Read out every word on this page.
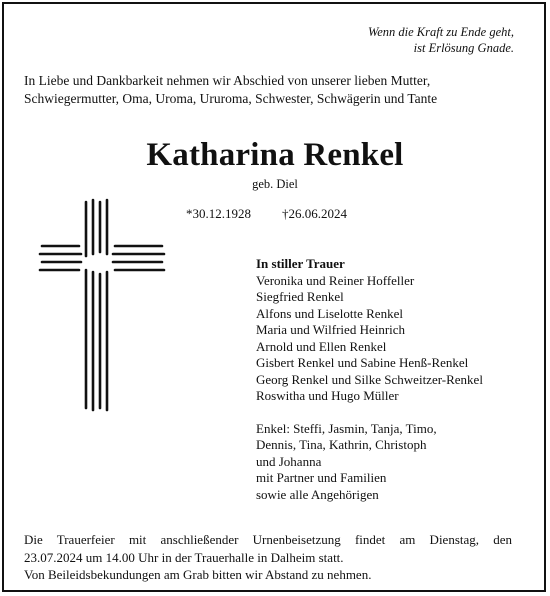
Wenn die Kraft zu Ende geht,
ist Erlösung Gnade.
In Liebe und Dankbarkeit nehmen wir Abschied von unserer lieben Mutter,
Schwiegermutter, Oma, Uroma, Ururoma, Schwester, Schwägerin und Tante
Katharina Renkel
geb. Diel
*30.12.1928 †26.06.2024
In stiller Trauer
Veronika und Reiner Hoffeller
Siegfried Renkel
Alfons und Liselotte Renkel
Maria und Wilfried Heinrich
Arnold und Ellen Renkel
Gisbert Renkel und Sabine Henß-Renkel
Georg Renkel und Silke Schweitzer-Renkel
Roswitha und Hugo Müller
Enkel: Steffi, Jasmin, Tanja, Timo,
Dennis, Tina, Kathrin, Christoph
und Johanna
mit Partner und Familien
sowie alle Angehörigen
Die Trauerfeier mit anschließender Urnenbeisetzung findet am Dienstag, den
23.07.2024 um 14.00 Uhr in der Trauerhalle in Dalheim statt.
Von Beileidsbekundungen am Grab bitten wir Abstand zu nehmen.
